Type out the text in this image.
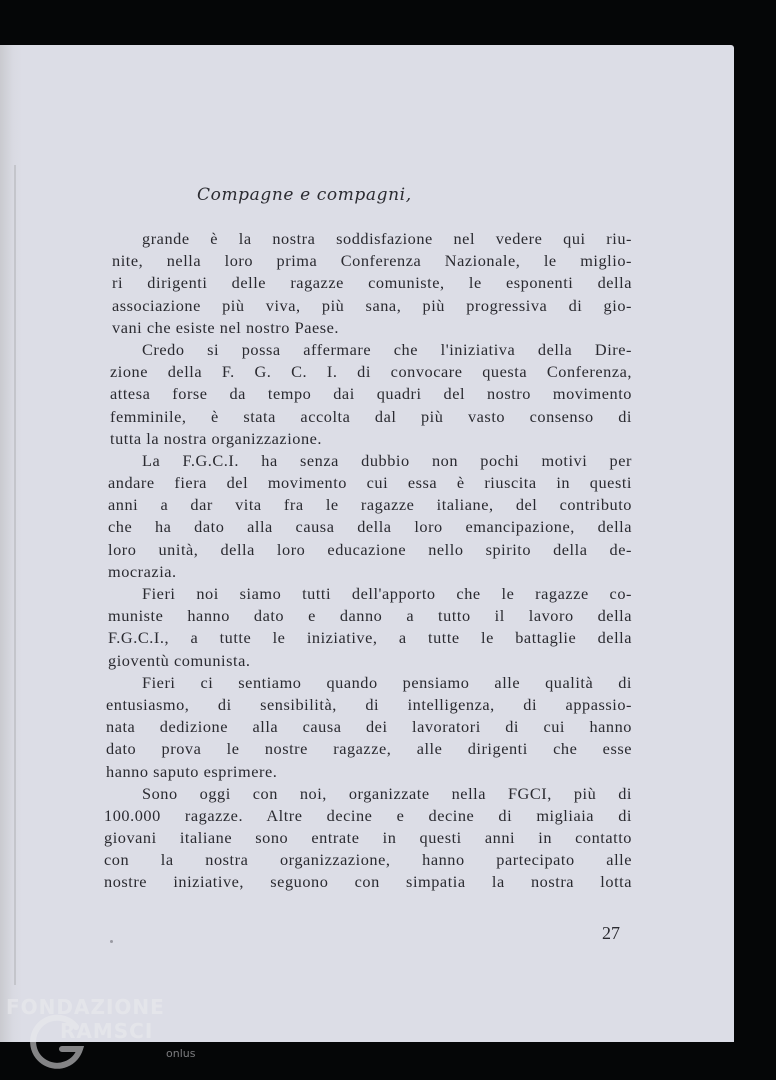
Compagne e compagni,

grande è la nostra soddisfazione nel vedere qui riu-
nite, nella loro prima Conferenza Nazionale, le miglio-
ri dirigenti delle ragazze comuniste, le esponenti della
associazione più viva, più sana, più progressiva di gio-
vani che esiste nel nostro Paese.
Credo si possa affermare che l'iniziativa della Dire-
zione della F. G. C. I. di convocare questa Conferenza,
attesa forse da tempo dai quadri del nostro movimento
femminile, è stata accolta dal più vasto consenso di
tutta la nostra organizzazione.
La F.G.C.I. ha senza dubbio non pochi motivi per
andare fiera del movimento cui essa è riuscita in questi
anni a dar vita fra le ragazze italiane, del contributo
che ha dato alla causa della loro emancipazione, della
loro unità, della loro educazione nello spirito della de-
mocrazia.
Fieri noi siamo tutti dell'apporto che le ragazze co-
muniste hanno dato e danno a tutto il lavoro della
F.G.C.I., a tutte le iniziative, a tutte le battaglie della
gioventù comunista.
Fieri ci sentiamo quando pensiamo alle qualità di
entusiasmo, di sensibilità, di intelligenza, di appassio-
nata dedizione alla causa dei lavoratori di cui hanno
dato prova le nostre ragazze, alle dirigenti che esse
hanno saputo esprimere.
Sono oggi con noi, organizzate nella FGCI, più di
100.000 ragazze. Altre decine e decine di migliaia di
giovani italiane sono entrate in questi anni in contatto
con la nostra organizzazione, hanno partecipato alle
nostre iniziative, seguono con simpatia la nostra lotta
27
FONDAZIONE
RAMSCI
onlus
